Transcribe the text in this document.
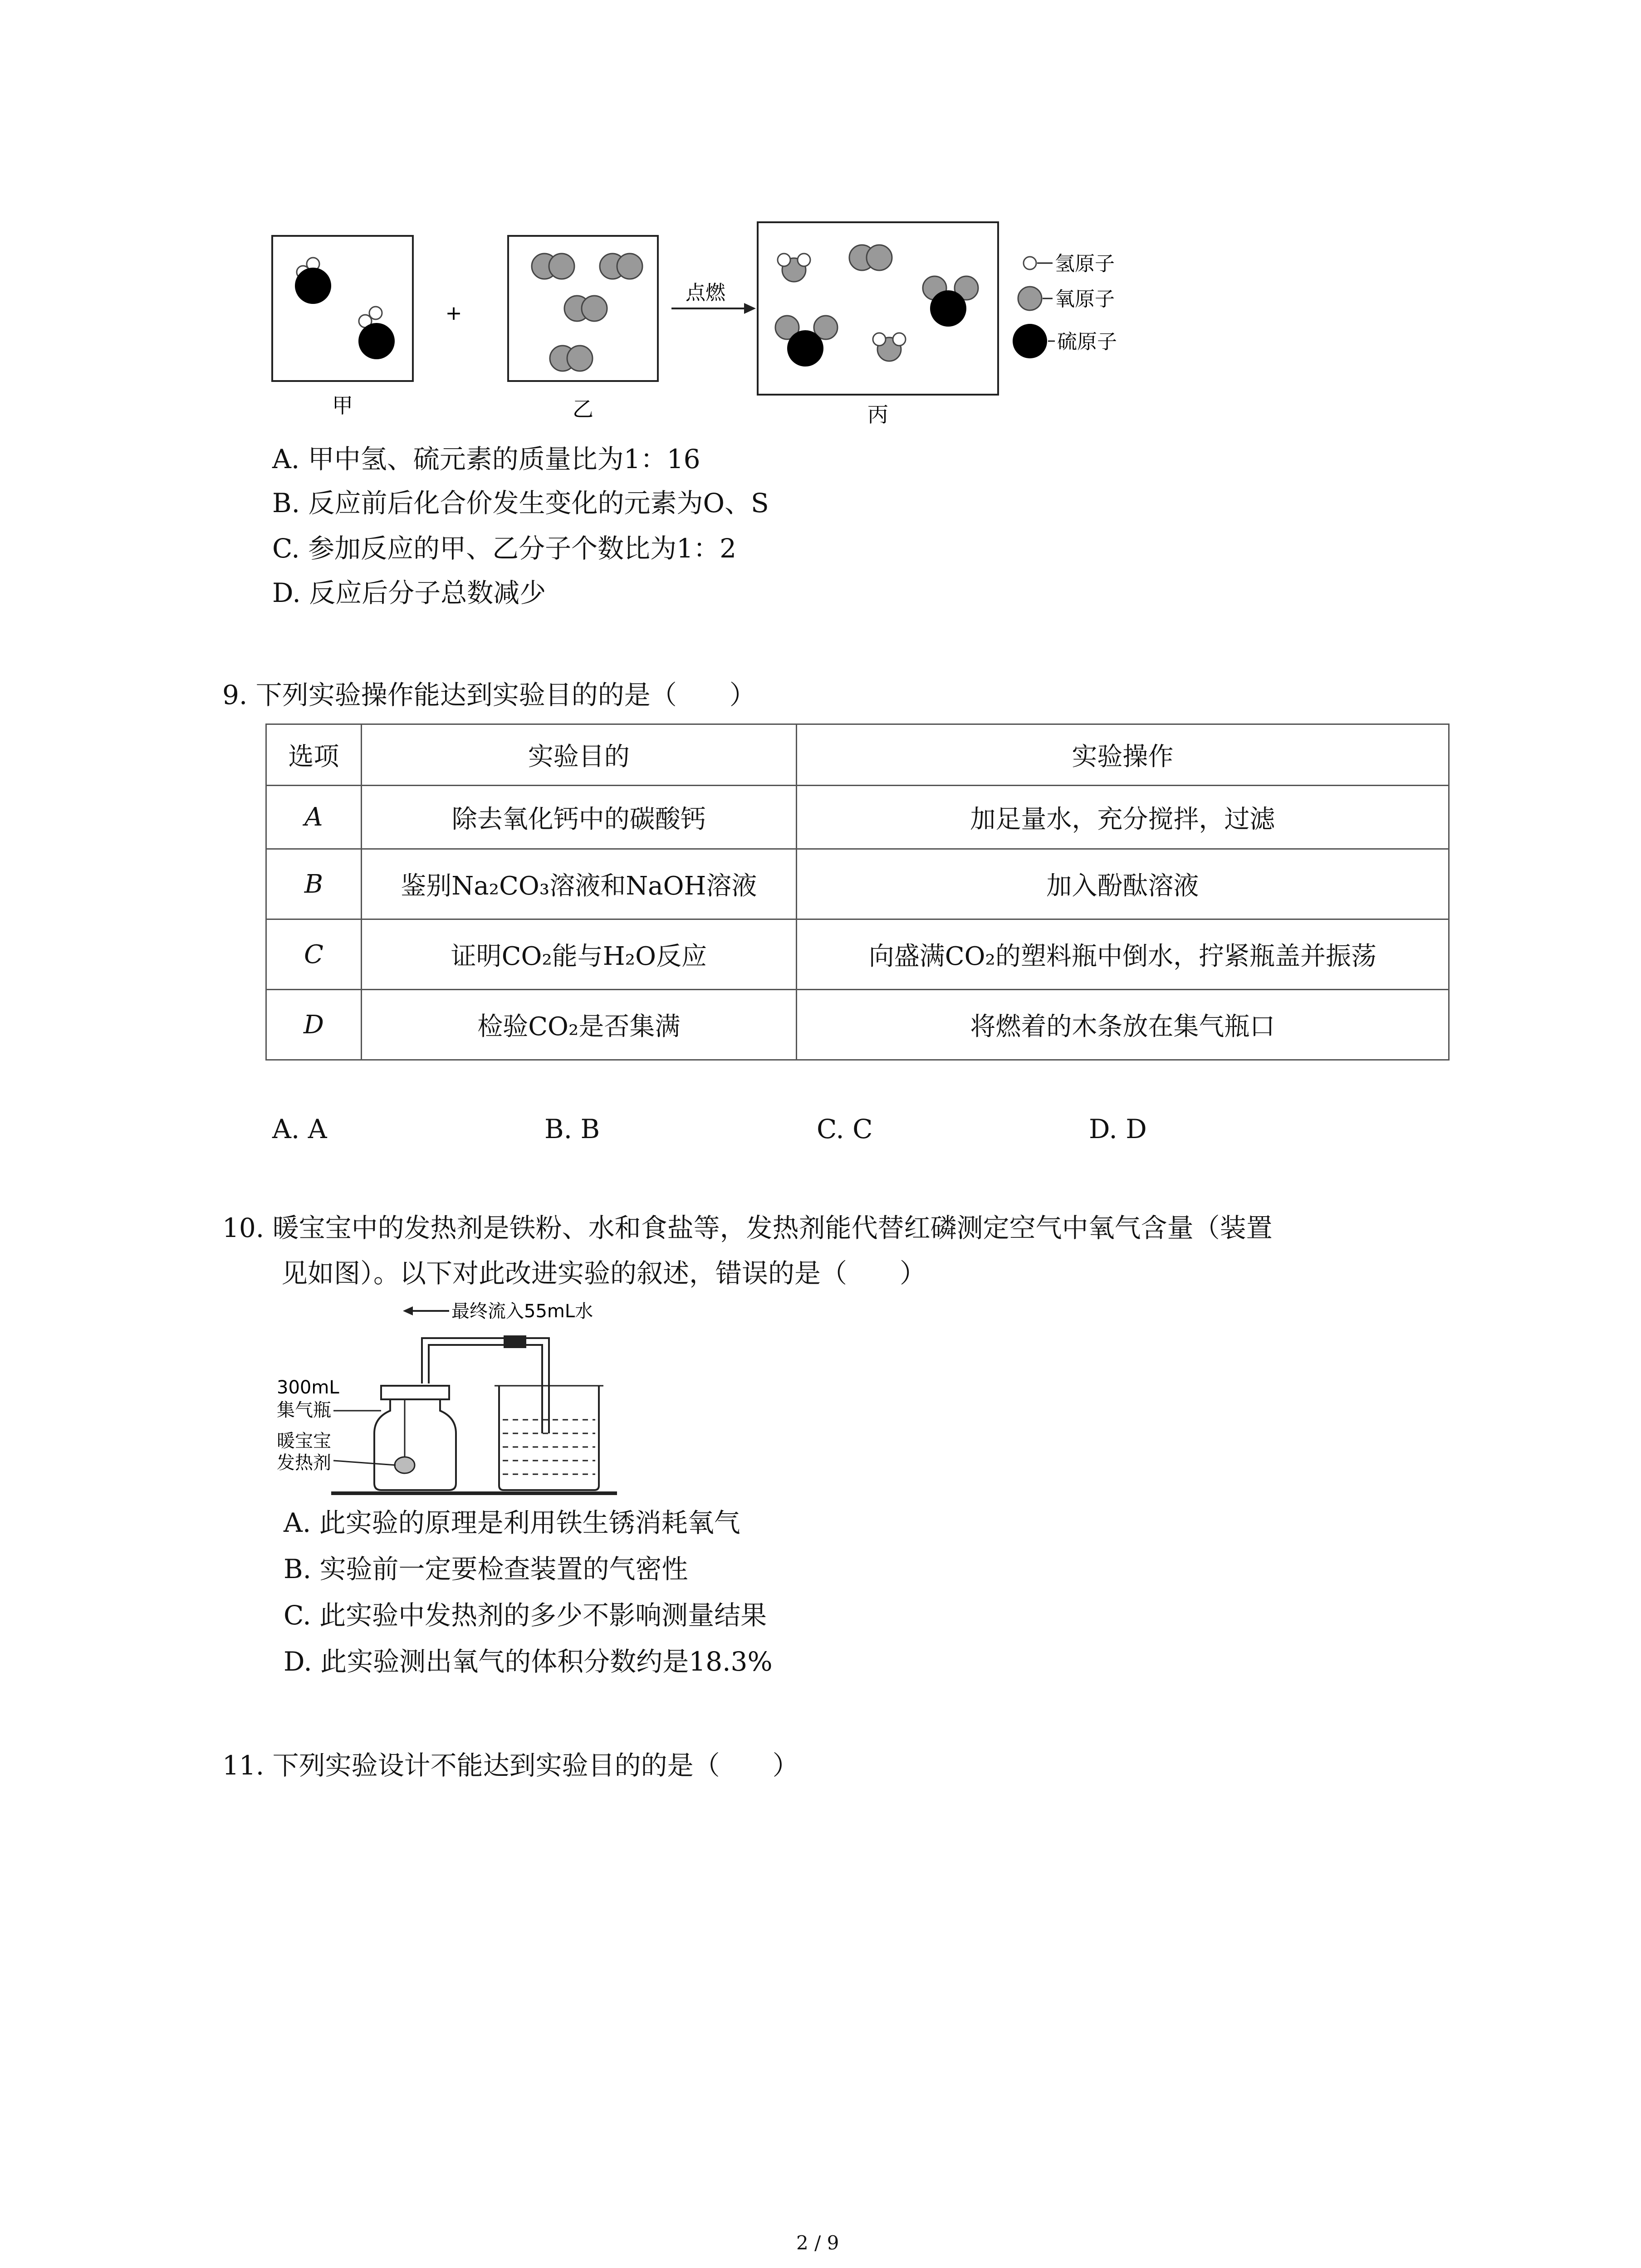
+
点燃
氢原子
氧原子
硫原子
甲	乙	丙
A. 甲中氢、硫元素的质量比为1：16
B. 反应前后化合价发生变化的元素为O、S
C. 参加反应的甲、乙分子个数比为1：2
D. 反应后分子总数减少
9. 下列实验操作能达到实验目的的是（　　）
选项	实验目的	实验操作
A	除去氧化钙中的碳酸钙	加足量水，充分搅拌，过滤
B	鉴别Na₂CO₃溶液和NaOH溶液	加入酚酞溶液
C	证明CO₂能与H₂O反应	向盛满CO₂的塑料瓶中倒水，拧紧瓶盖并振荡
D	检验CO₂是否集满	将燃着的木条放在集气瓶口
A. A	B. B	C. C	D. D
10. 暖宝宝中的发热剂是铁粉、水和食盐等，发热剂能代替红磷测定空气中氧气含量（装置
见如图）。以下对此改进实验的叙述，错误的是（　　）
最终流入55mL水
300mL
集气瓶
暖宝宝
发热剂
A. 此实验的原理是利用铁生锈消耗氧气
B. 实验前一定要检查装置的气密性
C. 此实验中发热剂的多少不影响测量结果
D. 此实验测出氧气的体积分数约是18.3%
11. 下列实验设计不能达到实验目的的是（　　）
2 / 9
